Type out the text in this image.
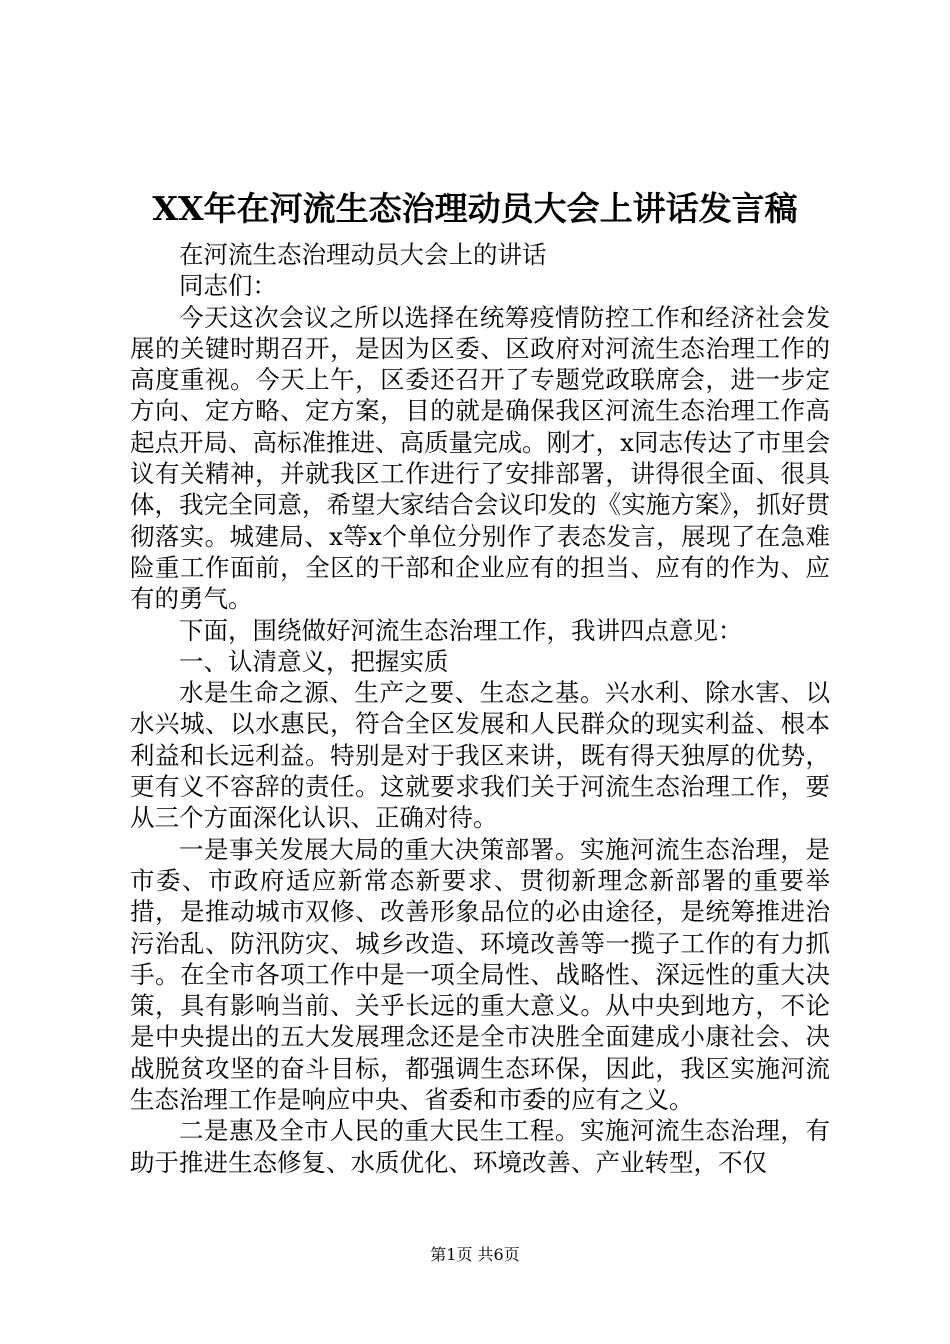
XX年在河流生态治理动员大会上讲话发言稿

在河流生态治理动员大会上的讲话

同志们：

今天这次会议之所以选择在统筹疫情防控工作和经济社会发展的关键时期召开，是因为区委、区政府对河流生态治理工作的高度重视。今天上午，区委还召开了专题党政联席会，进一步定方向、定方略、定方案，目的就是确保我区河流生态治理工作高起点开局、高标准推进、高质量完成。刚才，x同志传达了市里会议有关精神，并就我区工作进行了安排部署，讲得很全面、很具体，我完全同意，希望大家结合会议印发的《实施方案》，抓好贯彻落实。城建局、x等x个单位分别作了表态发言，展现了在急难险重工作面前，全区的干部和企业应有的担当、应有的作为、应有的勇气。

下面，围绕做好河流生态治理工作，我讲四点意见：

一、认清意义，把握实质

水是生命之源、生产之要、生态之基。兴水利、除水害、以水兴城、以水惠民，符合全区发展和人民群众的现实利益、根本利益和长远利益。特别是对于我区来讲，既有得天独厚的优势，更有义不容辞的责任。这就要求我们关于河流生态治理工作，要从三个方面深化认识、正确对待。

一是事关发展大局的重大决策部署。实施河流生态治理，是市委、市政府适应新常态新要求、贯彻新理念新部署的重要举措，是推动城市双修、改善形象品位的必由途径，是统筹推进治污治乱、防汛防灾、城乡改造、环境改善等一揽子工作的有力抓手。在全市各项工作中是一项全局性、战略性、深远性的重大决策，具有影响当前、关乎长远的重大意义。从中央到地方，不论是中央提出的五大发展理念还是全市决胜全面建成小康社会、决战脱贫攻坚的奋斗目标，都强调生态环保，因此，我区实施河流生态治理工作是响应中央、省委和市委的应有之义。

二是惠及全市人民的重大民生工程。实施河流生态治理，有助于推进生态修复、水质优化、环境改善、产业转型，不仅

第1页 共6页
